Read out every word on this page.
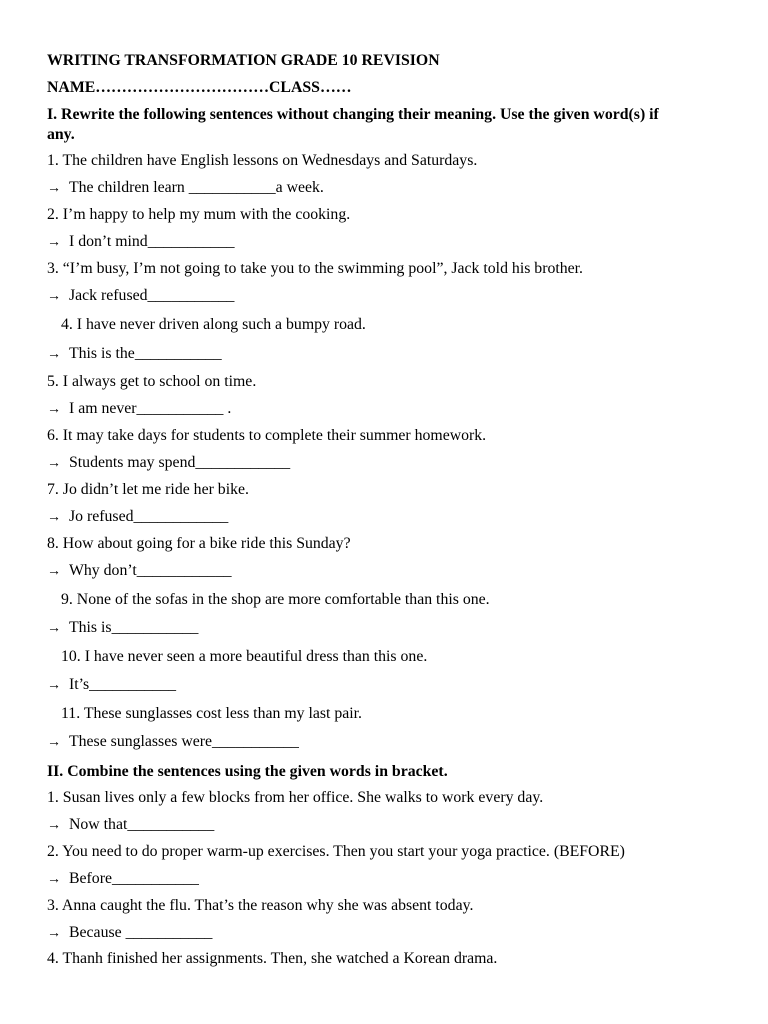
WRITING TRANSFORMATION GRADE 10 REVISION
NAME……………………………CLASS……
I. Rewrite the following sentences without changing their meaning. Use the given word(s) if any.
1. The children have English lessons on Wednesdays and Saturdays.
→ The children learn ___________a week.
2. I’m happy to help my mum with the cooking.
→ I don’t mind___________
3. “I’m busy, I’m not going to take you to the swimming pool”, Jack told his brother.
→ Jack refused___________
4. I have never driven along such a bumpy road.
→ This is the___________
5. I always get to school on time.
→ I am never___________ .
6. It may take days for students to complete their summer homework.
→ Students may spend____________
7. Jo didn’t let me ride her bike.
→ Jo refused____________
8. How about going for a bike ride this Sunday?
→ Why don’t____________
9. None of the sofas in the shop are more comfortable than this one.
→ This is___________
10. I have never seen a more beautiful dress than this one.
→ It’s___________
11. These sunglasses cost less than my last pair.
→ These sunglasses were___________
II. Combine the sentences using the given words in bracket.
1. Susan lives only a few blocks from her office. She walks to work every day.
→ Now that___________
2. You need to do proper warm-up exercises. Then you start your yoga practice. (BEFORE)
→ Before___________
3. Anna caught the flu. That’s the reason why she was absent today.
→ Because ___________
4. Thanh finished her assignments. Then, she watched a Korean drama.
